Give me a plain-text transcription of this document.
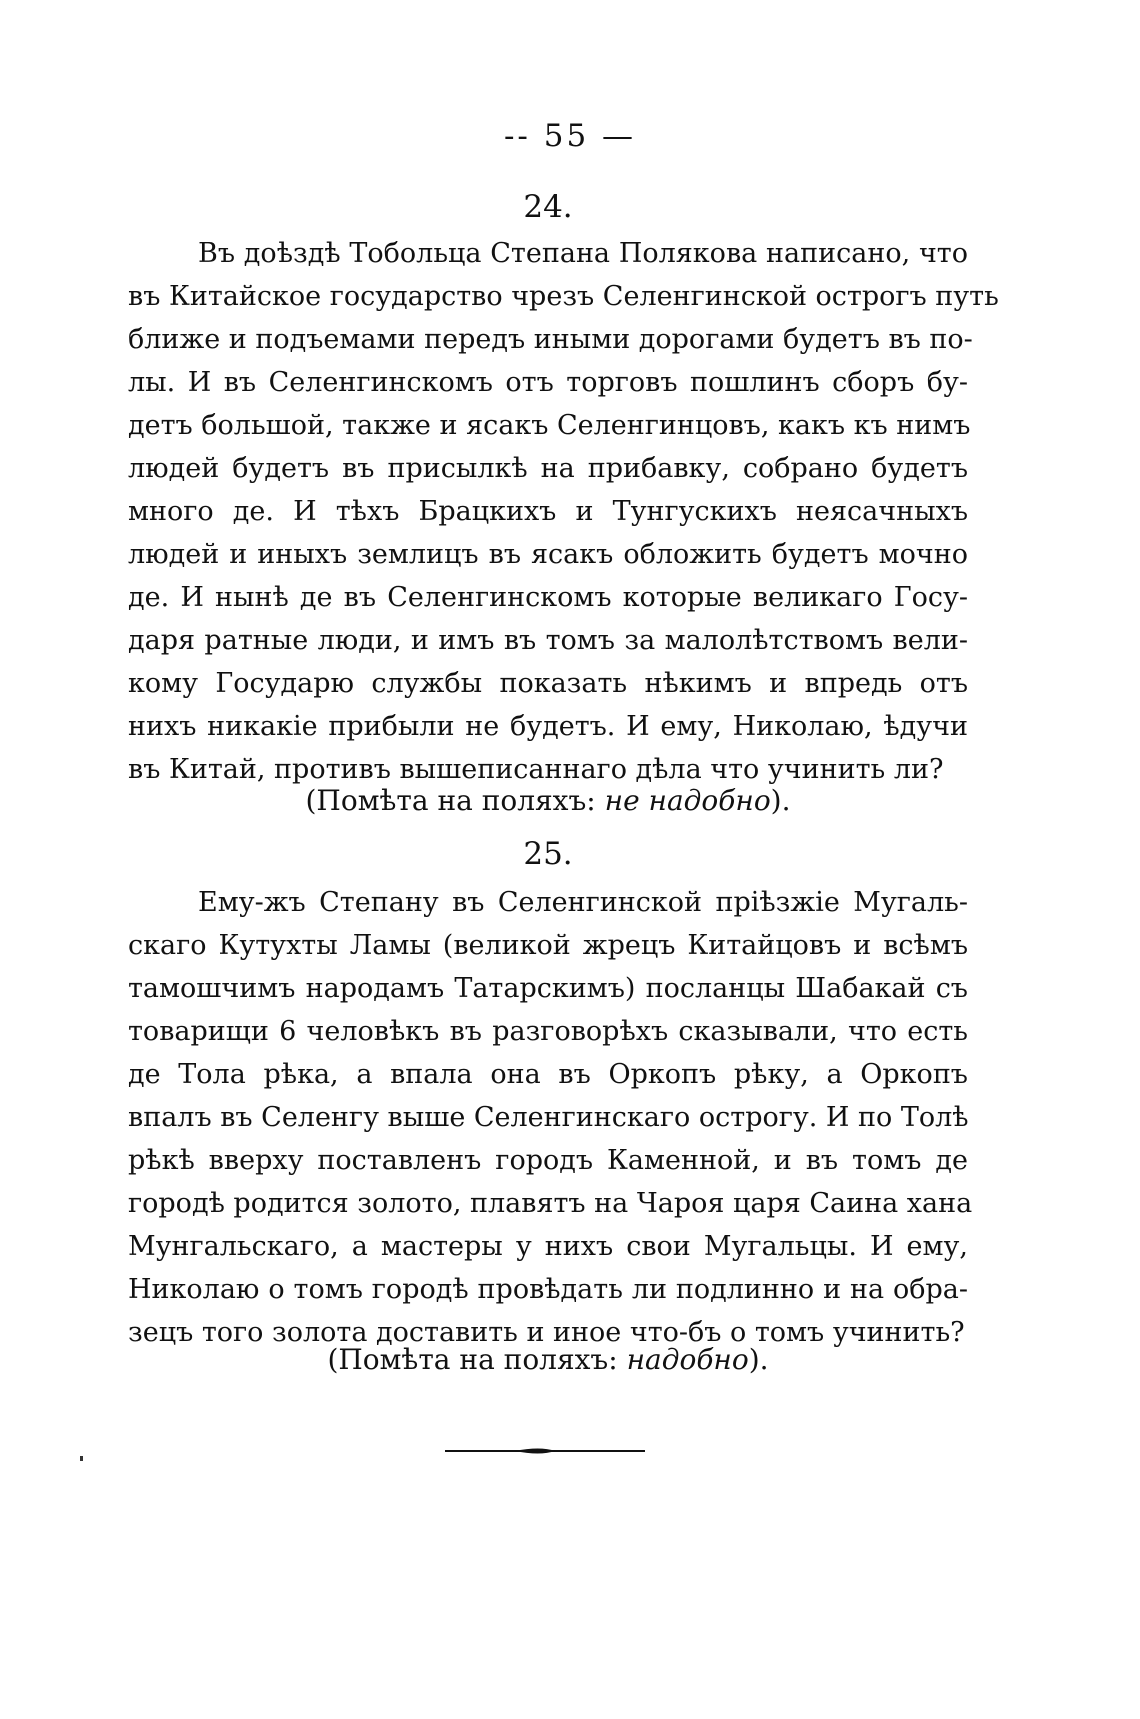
-- 55 —

24.

Въ доѣздѣ Тобольца Степана Полякова написано, что
въ Китайское государство чрезъ Селенгинской острогъ путь
ближе и подъемами передъ иными дорогами будетъ въ по-
лы. И въ Селенгинскомъ отъ торговъ пошлинъ сборъ бу-
детъ большой, также и ясакъ Селенгинцовъ, какъ къ нимъ
людей будетъ въ присылкѣ на прибавку, собрано будетъ
много де. И тѣхъ Брацкихъ и Тунгускихъ неясачныхъ
людей и иныхъ землицъ въ ясакъ обложить будетъ мочно
де. И нынѣ де въ Селенгинскомъ которые великаго Госу-
даря ратные люди, и имъ въ томъ за малолѣтствомъ вели-
кому Государю службы показать нѣкимъ и впредь отъ
нихъ никакіе прибыли не будетъ. И ему, Николаю, ѣдучи
въ Китай, противъ вышеписаннаго дѣла что учинить ли?
(Помѣта на поляхъ: не надобно).

25.

Ему-жъ Степану въ Селенгинской пріѣзжіе Мугаль-
скаго Кутухты Ламы (великой жрецъ Китайцовъ и всѣмъ
тамошчимъ народамъ Татарскимъ) посланцы Шабакай съ
товарищи 6 человѣкъ въ разговорѣхъ сказывали, что есть
де Тола рѣка, а впала она въ Оркопъ рѣку, а Оркопъ
впалъ въ Селенгу выше Селенгинскаго острогу. И по Толѣ
рѣкѣ вверху поставленъ городъ Каменной, и въ томъ де
городѣ родится золото, плавятъ на Чароя царя Саина хана
Мунгальскаго, а мастеры у нихъ свои Мугальцы. И ему,
Николаю о томъ городѣ провѣдать ли подлинно и на обра-
зецъ того золота доставить и иное что-бъ о томъ учинить?
(Помѣта на поляхъ: надобно).
